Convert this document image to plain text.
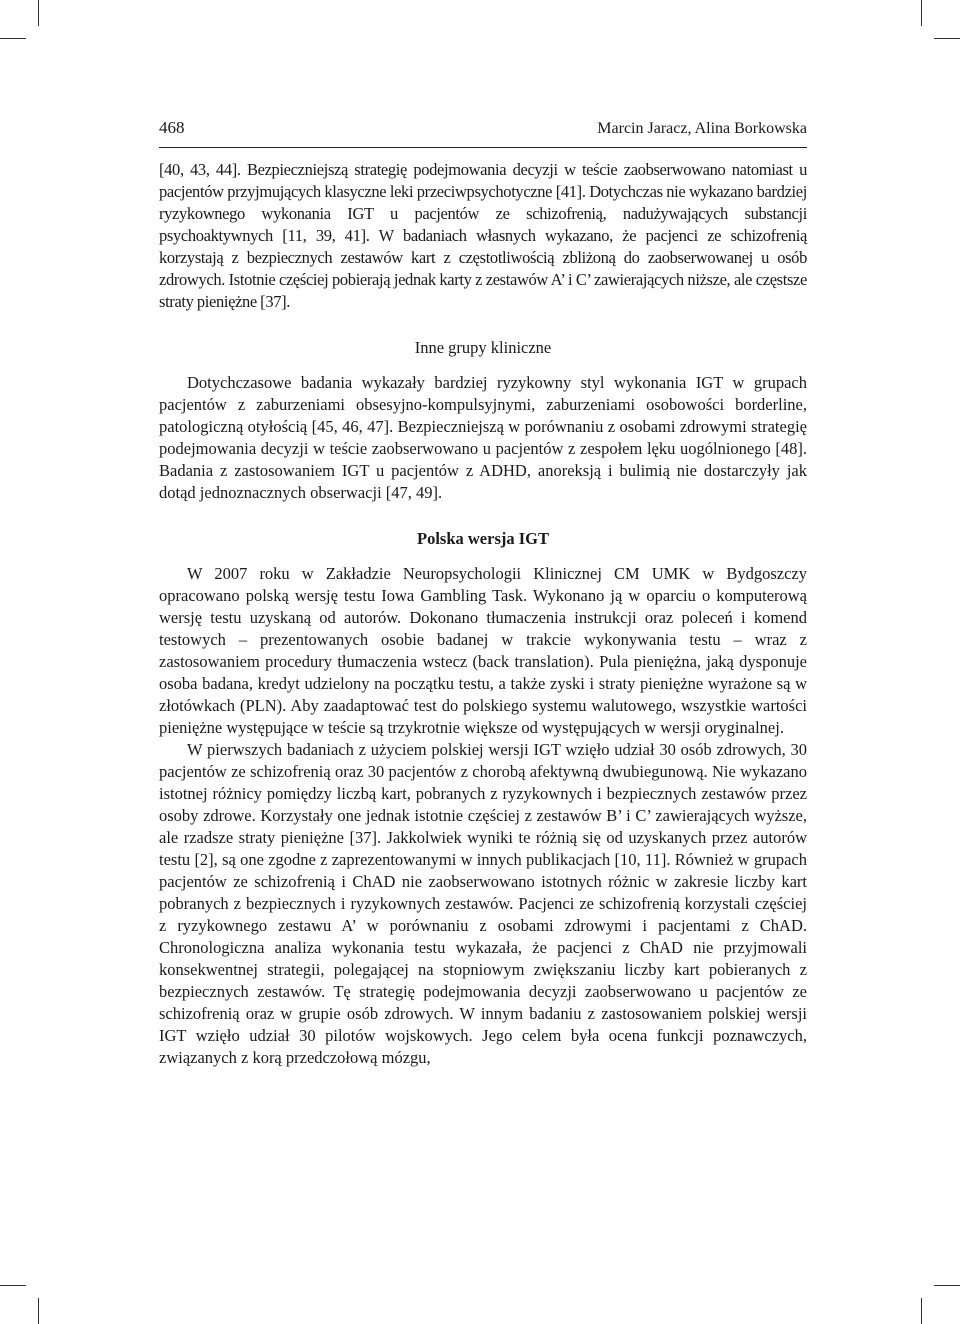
468	Marcin Jaracz, Alina Borkowska

[40, 43, 44]. Bezpieczniejszą strategię podejmowania decyzji w teście zaobserwowano natomiast u pacjentów przyjmujących klasyczne leki przeciwpsychotyczne [41]. Dotychczas nie wykazano bardziej ryzykownego wykonania IGT u pacjentów ze schizofrenią, nadużywających substancji psychoaktywnych [11, 39, 41]. W badaniach własnych wykazano, że pacjenci ze schizofrenią korzystają z bezpiecznych zestawów kart z częstotliwością zbliżoną do zaobserwowanej u osób zdrowych. Istotnie częściej pobierają jednak karty z zestawów A’ i C’ zawierających niższe, ale częstsze straty pieniężne [37].

Inne grupy kliniczne

Dotychczasowe badania wykazały bardziej ryzykowny styl wykonania IGT w grupach pacjentów z zaburzeniami obsesyjno-kompulsyjnymi, zaburzeniami osobowości borderline, patologiczną otyłością [45, 46, 47]. Bezpieczniejszą w porównaniu z osobami zdrowymi strategię podejmowania decyzji w teście zaobserwowano u pacjentów z zespołem lęku uogólnionego [48]. Badania z zastosowaniem IGT u pacjentów z ADHD, anoreksją i bulimią nie dostarczyły jak dotąd jednoznacznych obserwacji [47, 49].

Polska wersja IGT

W 2007 roku w Zakładzie Neuropsychologii Klinicznej CM UMK w Bydgoszczy opracowano polską wersję testu Iowa Gambling Task. Wykonano ją w oparciu o komputerową wersję testu uzyskaną od autorów. Dokonano tłumaczenia instrukcji oraz poleceń i komend testowych – prezentowanych osobie badanej w trakcie wykonywania testu – wraz z zastosowaniem procedury tłumaczenia wstecz (back translation). Pula pieniężna, jaką dysponuje osoba badana, kredyt udzielony na początku testu, a także zyski i straty pieniężne wyrażone są w złotówkach (PLN). Aby zaadaptować test do polskiego systemu walutowego, wszystkie wartości pieniężne występujące w teście są trzykrotnie większe od występujących w wersji oryginalnej.

W pierwszych badaniach z użyciem polskiej wersji IGT wzięło udział 30 osób zdrowych, 30 pacjentów ze schizofrenią oraz 30 pacjentów z chorobą afektywną dwubiegunową. Nie wykazano istotnej różnicy pomiędzy liczbą kart, pobranych z ryzykownych i bezpiecznych zestawów przez osoby zdrowe. Korzystały one jednak istotnie częściej z zestawów B’ i C’ zawierających wyższe, ale rzadsze straty pieniężne [37]. Jakkolwiek wyniki te różnią się od uzyskanych przez autorów testu [2], są one zgodne z zaprezentowanymi w innych publikacjach [10, 11]. Również w grupach pacjentów ze schizofrenią i ChAD nie zaobserwowano istotnych różnic w zakresie liczby kart pobranych z bezpiecznych i ryzykownych zestawów. Pacjenci ze schizofrenią korzystali częściej z ryzykownego zestawu A’ w porównaniu z osobami zdrowymi i pacjentami z ChAD. Chronologiczna analiza wykonania testu wykazała, że pacjenci z ChAD nie przyjmowali konsekwentnej strategii, polegającej na stopniowym zwiększaniu liczby kart pobieranych z bezpiecznych zestawów. Tę strategię podejmowania decyzji zaobserwowano u pacjentów ze schizofrenią oraz w grupie osób zdrowych. W innym badaniu z zastosowaniem polskiej wersji IGT wzięło udział 30 pilotów wojskowych. Jego celem była ocena funkcji poznawczych, związanych z korą przedczołową mózgu,
